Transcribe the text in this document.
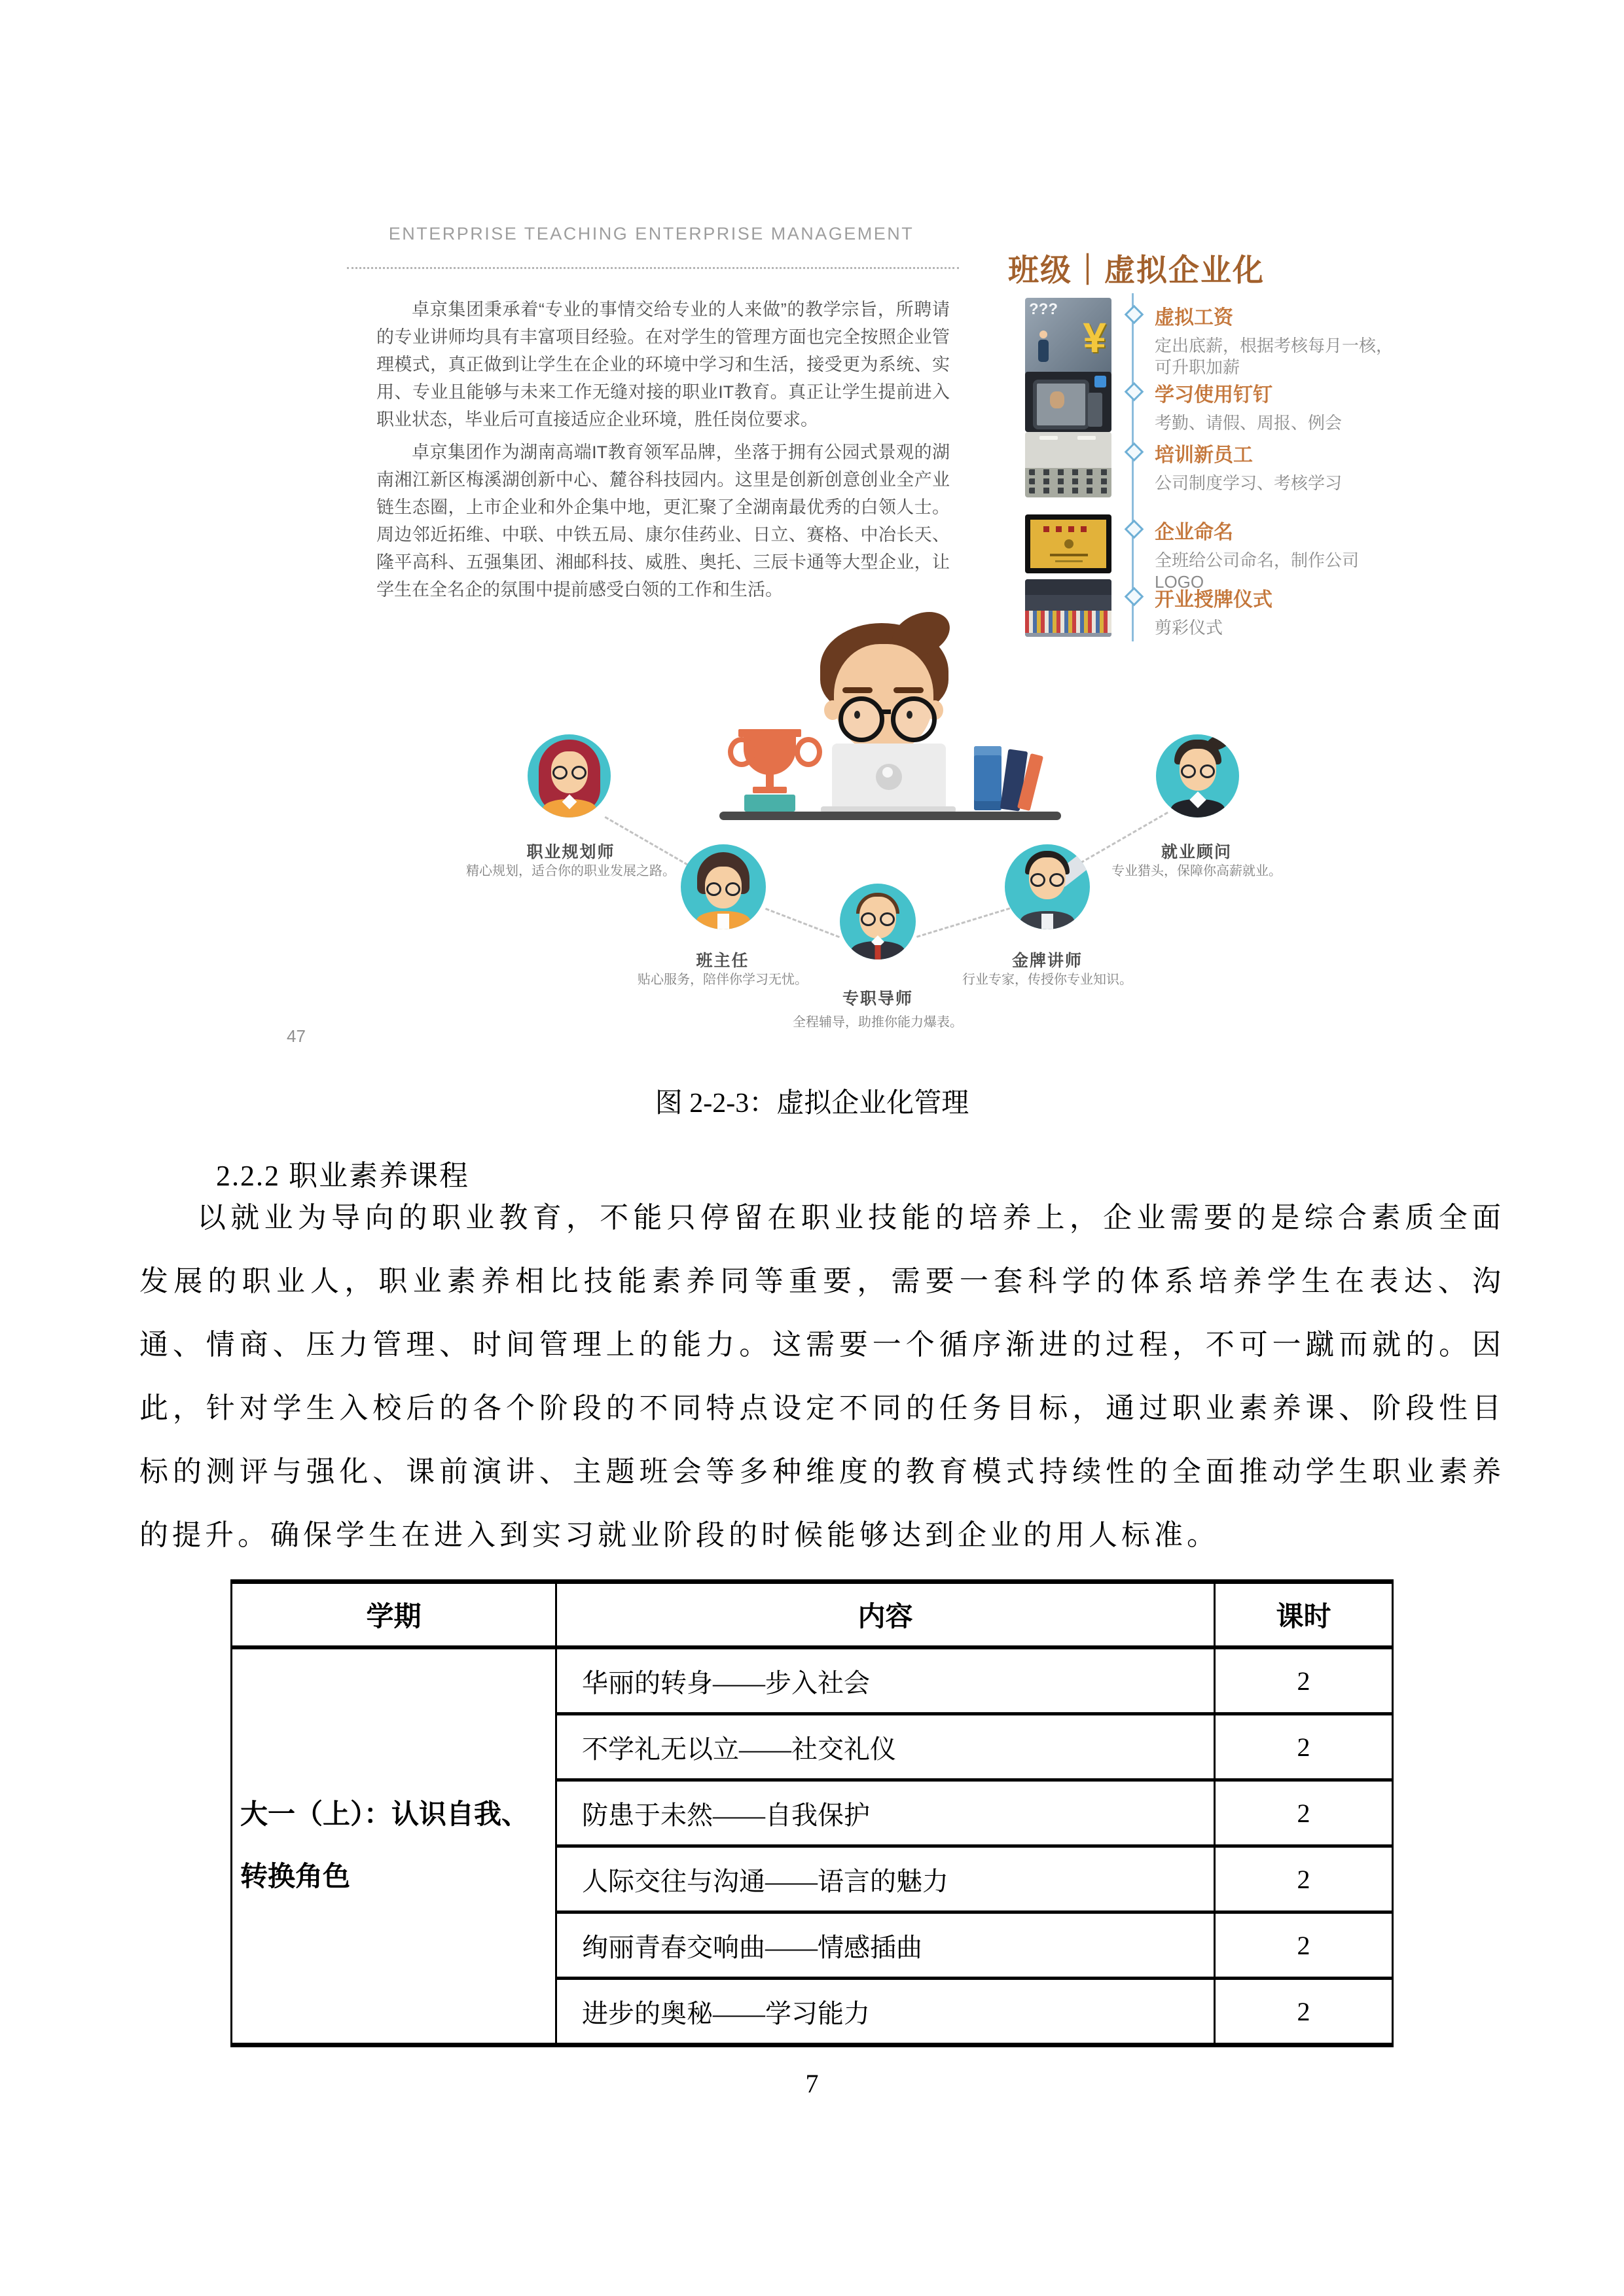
ENTERPRISE TEACHING ENTERPRISE MANAGEMENT
班级｜虚拟企业化

卓京集团秉承着“专业的事情交给专业的人来做”的教学宗旨，所聘请的专业讲师均具有丰富项目经验。在对学生的管理方面也完全按照企业管理模式，真正做到让学生在企业的环境中学习和生活，接受更为系统、实用、专业且能够与未来工作无缝对接的职业IT教育。真正让学生提前进入职业状态，毕业后可直接适应企业环境，胜任岗位要求。

卓京集团作为湖南高端IT教育领军品牌，坐落于拥有公园式景观的湖南湘江新区梅溪湖创新中心、麓谷科技园内。这里是创新创意创业全产业链生态圈，上市企业和外企集中地，更汇聚了全湖南最优秀的白领人士。周边邻近拓维、中联、中铁五局、康尔佳药业、日立、赛格、中冶长天、隆平高科、五强集团、湘邮科技、威胜、奥托、三辰卡通等大型企业，让学生在全名企的氛围中提前感受白领的工作和生活。

???
¥ 虚拟工资
定出底薪，根据考核每月一核，可升职加薪
学习使用钉钉
考勤、请假、周报、例会
培训新员工
公司制度学习、考核学习
企业命名
全班给公司命名，制作公司LOGO
开业授牌仪式
剪彩仪式
职业规划师
精心规划，适合你的职业发展之路。
班主任
贴心服务，陪伴你学习无忧。
专职导师
全程辅导，助推你能力爆表。
金牌讲师
行业专家，传授你专业知识。
就业顾问
专业猎头，保障你高薪就业。
47
图 2-2-3：虚拟企业化管理
2.2.2 职业素养课程
以就业为导向的职业教育，不能只停留在职业技能的培养上，企业需要的是综合素质全面发展的职业人，职业素养相比技能素养同等重要，需要一套科学的体系培养学生在表达、沟通、情商、压力管理、时间管理上的能力。这需要一个循序渐进的过程，不可一蹴而就的。因此，针对学生入校后的各个阶段的不同特点设定不同的任务目标，通过职业素养课、阶段性目标的测评与强化、课前演讲、主题班会等多种维度的教育模式持续性的全面推动学生职业素养的提升。确保学生在进入到实习就业阶段的时候能够达到企业的用人标准。
学期	内容	课时
大一（上）：认识自我、转换角色	华丽的转身——步入社会	2
	不学礼无以立——社交礼仪	2
	防患于未然——自我保护	2
	人际交往与沟通——语言的魅力	2
	绚丽青春交响曲——情感插曲	2
	进步的奥秘——学习能力	2
7
